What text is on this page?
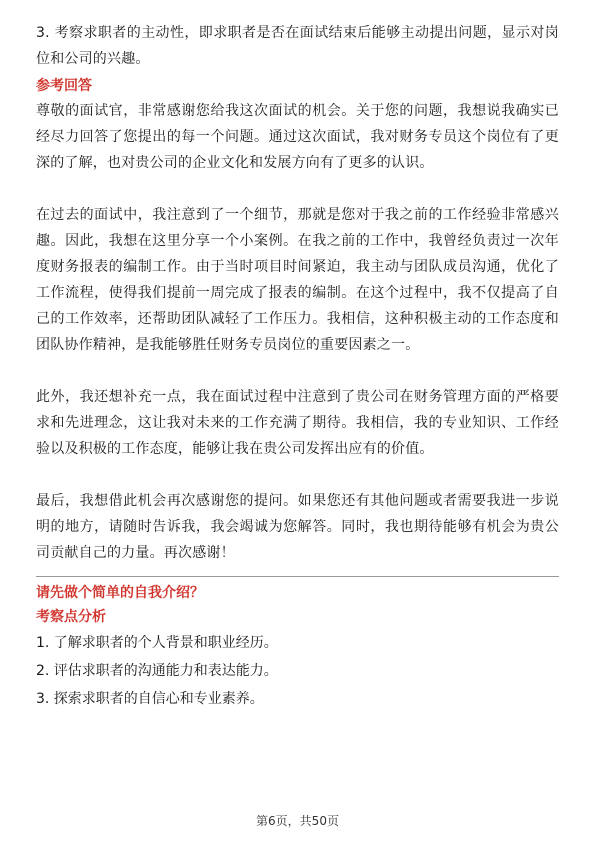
3. 考察求职者的主动性，即求职者是否在面试结束后能够主动提出问题，显示对岗位和公司的兴趣。

参考回答

尊敬的面试官，非常感谢您给我这次面试的机会。关于您的问题，我想说我确实已经尽力回答了您提出的每一个问题。通过这次面试，我对财务专员这个岗位有了更深的了解，也对贵公司的企业文化和发展方向有了更多的认识。

在过去的面试中，我注意到了一个细节，那就是您对于我之前的工作经验非常感兴趣。因此，我想在这里分享一个小案例。在我之前的工作中，我曾经负责过一次年度财务报表的编制工作。由于当时项目时间紧迫，我主动与团队成员沟通，优化了工作流程，使得我们提前一周完成了报表的编制。在这个过程中，我不仅提高了自己的工作效率，还帮助团队减轻了工作压力。我相信，这种积极主动的工作态度和团队协作精神，是我能够胜任财务专员岗位的重要因素之一。

此外，我还想补充一点，我在面试过程中注意到了贵公司在财务管理方面的严格要求和先进理念，这让我对未来的工作充满了期待。我相信，我的专业知识、工作经验以及积极的工作态度，能够让我在贵公司发挥出应有的价值。

最后，我想借此机会再次感谢您的提问。如果您还有其他问题或者需要我进一步说明的地方，请随时告诉我，我会竭诚为您解答。同时，我也期待能够有机会为贵公司贡献自己的力量。再次感谢！

请先做个简单的自我介绍？

考察点分析

1. 了解求职者的个人背景和职业经历。

2. 评估求职者的沟通能力和表达能力。

3. 探索求职者的自信心和专业素养。

第6页，共50页
